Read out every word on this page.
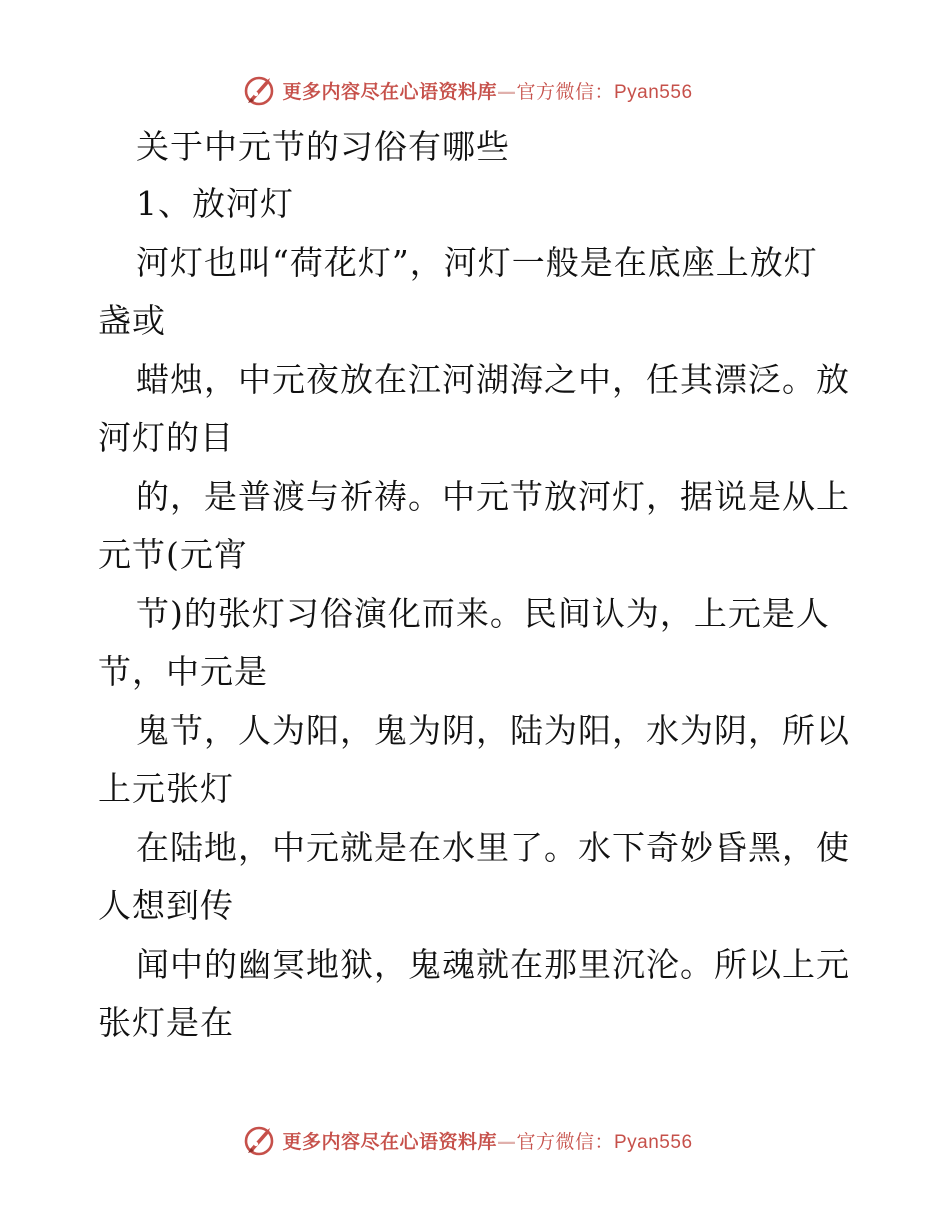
更多内容尽在心语资料库—官方微信：Pyan556

关于中元节的习俗有哪些

1、放河灯

河灯也叫“荷花灯”，河灯一般是在底座上放灯

盏或

蜡烛，中元夜放在江河湖海之中，任其漂泛。放

河灯的目

的，是普渡与祈祷。中元节放河灯，据说是从上

元节(元宵

节)的张灯习俗演化而来。民间认为，上元是人

节，中元是

鬼节，人为阳，鬼为阴，陆为阳，水为阴，所以

上元张灯

在陆地，中元就是在水里了。水下奇妙昏黑，使

人想到传

闻中的幽冥地狱，鬼魂就在那里沉沦。所以上元

张灯是在

更多内容尽在心语资料库—官方微信：Pyan556
